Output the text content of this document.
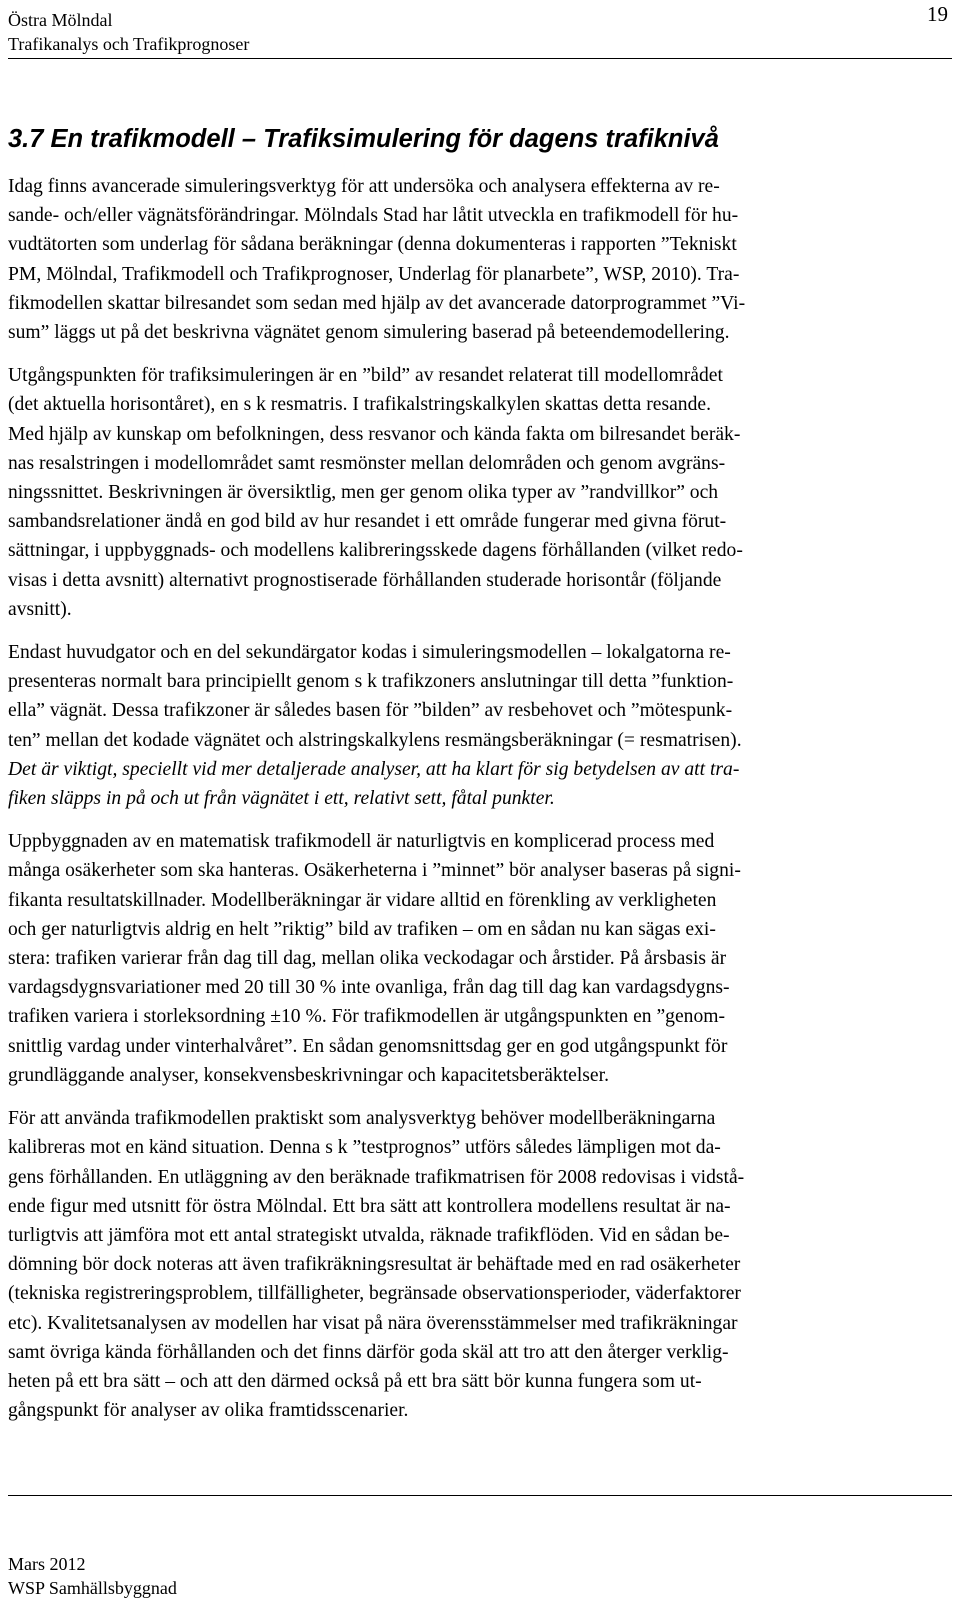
Östra Mölndal
Trafikanalys och Trafikprognoser
19
3.7 En trafikmodell – Trafiksimulering för dagens trafiknivå

Idag finns avancerade simuleringsverktyg för att undersöka och analysera effekterna av re-
sande- och/eller vägnätsförändringar. Mölndals Stad har låtit utveckla en trafikmodell för hu-
vudtätorten som underlag för sådana beräkningar (denna dokumenteras i rapporten ”Tekniskt
PM, Mölndal, Trafikmodell och Trafikprognoser, Underlag för planarbete”, WSP, 2010). Tra-
fikmodellen skattar bilresandet som sedan med hjälp av det avancerade datorprogrammet ”Vi-
sum” läggs ut på det beskrivna vägnätet genom simulering baserad på beteendemodellering.

Utgångspunkten för trafiksimuleringen är en ”bild” av resandet relaterat till modellområdet
(det aktuella horisontåret), en s k resmatris. I trafikalstringskalkylen skattas detta resande.
Med hjälp av kunskap om befolkningen, dess resvanor och kända fakta om bilresandet beräk-
nas resalstringen i modellområdet samt resmönster mellan delområden och genom avgräns-
ningssnittet. Beskrivningen är översiktlig, men ger genom olika typer av ”randvillkor” och
sambandsrelationer ändå en god bild av hur resandet i ett område fungerar med givna förut-
sättningar, i uppbyggnads- och modellens kalibreringsskede dagens förhållanden (vilket redo-
visas i detta avsnitt) alternativt prognostiserade förhållanden studerade horisontår (följande
avsnitt).

Endast huvudgator och en del sekundärgator kodas i simuleringsmodellen – lokalgatorna re-
presenteras normalt bara principiellt genom s k trafikzoners anslutningar till detta ”funktion-
ella” vägnät. Dessa trafikzoner är således basen för ”bilden” av resbehovet och ”mötespunk-
ten” mellan det kodade vägnätet och alstringskalkylens resmängsberäkningar (= resmatrisen).
Det är viktigt, speciellt vid mer detaljerade analyser, att ha klart för sig betydelsen av att tra-
fiken släpps in på och ut från vägnätet i ett, relativt sett, fåtal punkter.

Uppbyggnaden av en matematisk trafikmodell är naturligtvis en komplicerad process med
många osäkerheter som ska hanteras. Osäkerheterna i ”minnet” bör analyser baseras på signi-
fikanta resultatskillnader. Modellberäkningar är vidare alltid en förenkling av verkligheten
och ger naturligtvis aldrig en helt ”riktig” bild av trafiken – om en sådan nu kan sägas exi-
stera: trafiken varierar från dag till dag, mellan olika veckodagar och årstider. På årsbasis är
vardagsdygnsvariationer med 20 till 30 % inte ovanliga, från dag till dag kan vardagsdygns-
trafiken variera i storleksordning ±10 %. För trafikmodellen är utgångspunkten en ”genom-
snittlig vardag under vinterhalvåret”. En sådan genomsnittsdag ger en god utgångspunkt för
grundläggande analyser, konsekvensbeskrivningar och kapacitetsberäktelser.

För att använda trafikmodellen praktiskt som analysverktyg behöver modellberäkningarna
kalibreras mot en känd situation. Denna s k ”testprognos” utförs således lämpligen mot da-
gens förhållanden. En utläggning av den beräknade trafikmatrisen för 2008 redovisas i vidstå-
ende figur med utsnitt för östra Mölndal. Ett bra sätt att kontrollera modellens resultat är na-
turligtvis att jämföra mot ett antal strategiskt utvalda, räknade trafikflöden. Vid en sådan be-
dömning bör dock noteras att även trafikräkningsresultat är behäftade med en rad osäkerheter
(tekniska registreringsproblem, tillfälligheter, begränsade observationsperioder, väderfaktorer
etc). Kvalitetsanalysen av modellen har visat på nära överensstämmelser med trafikräkningar
samt övriga kända förhållanden och det finns därför goda skäl att tro att den återger verklig-
heten på ett bra sätt – och att den därmed också på ett bra sätt bör kunna fungera som ut-
gångspunkt för analyser av olika framtidsscenarier.

Mars 2012
WSP Samhällsbyggnad
